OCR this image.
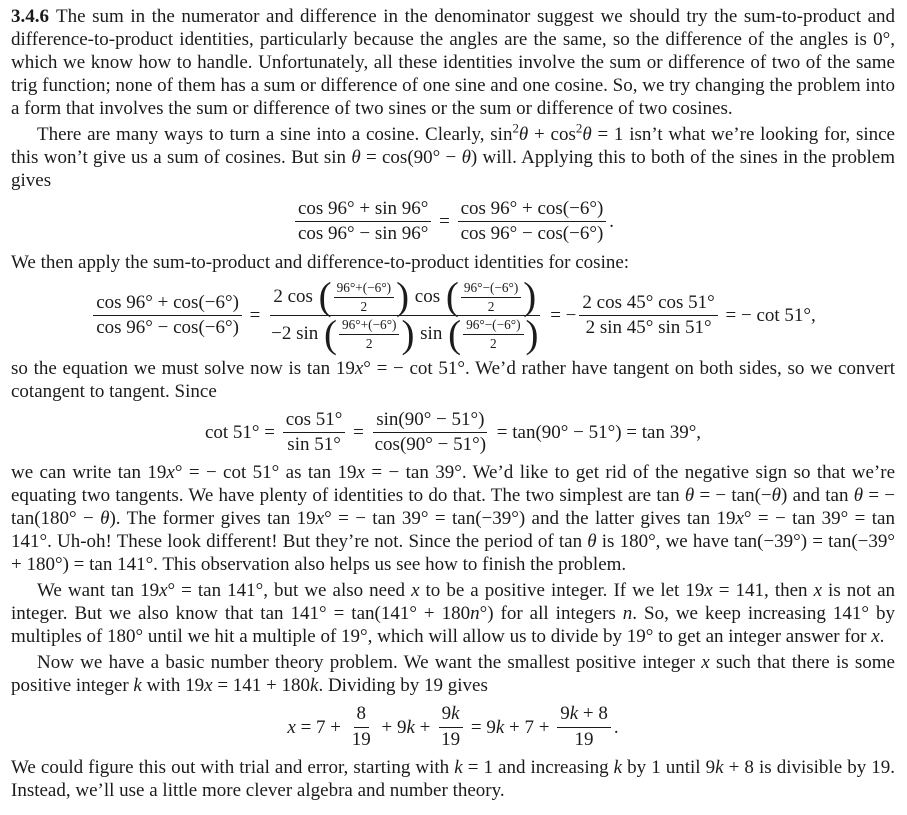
3.4.6 The sum in the numerator and difference in the denominator suggest we should try the sum-to-product and difference-to-product identities, particularly because the angles are the same, so the difference of the angles is 0°, which we know how to handle. Unfortunately, all these identities involve the sum or difference of two of the same trig function; none of them has a sum or difference of one sine and one cosine. So, we try changing the problem into a form that involves the sum or difference of two sines or the sum or difference of two cosines.

There are many ways to turn a sine into a cosine. Clearly, $\sin^2\theta + \cos^2\theta = 1$ isn’t what we’re looking for, since this won’t give us a sum of cosines. But sin θ = cos(90° − θ) will. Applying this to both of the sines in the problem gives

$\frac{\cos 96^\circ + \sin 96^\circ}{\cos 96^\circ - \sin 96^\circ} = \frac{\cos 96^\circ + \cos(-6^\circ)}{\cos 96^\circ - \cos(-6^\circ)}$ .

We then apply the sum-to-product and difference-to-product identities for cosine:

$\frac{\cos 96^\circ + \cos(-6^\circ)}{\cos 96^\circ - \cos(-6^\circ)} = \frac{2 \cos ( \frac{96^\circ+(-6^\circ)}{2} ) \cos ( \frac{96^\circ-(-6^\circ)}{2} )}{-2 \sin ( \frac{96^\circ+(-6^\circ)}{2} ) \sin ( \frac{96^\circ-(-6^\circ)}{2} )}$ = − $\frac{2 \cos 45^\circ \cos 51^\circ}{2 \sin 45^\circ \sin 51^\circ}$ = − cot 51°,

so the equation we must solve now is tan 19x° = − cot 51°. We’d rather have tangent on both sides, so we convert cotangent to tangent. Since

$\cot 51^\circ = \frac{\cos 51^\circ}{\sin 51^\circ} = \frac{\sin(90^\circ - 51^\circ)}{\cos(90^\circ - 51^\circ)} = \tan(90^\circ - 51^\circ) = \tan 39^\circ$,

we can write tan 19x° = − cot 51° as tan 19x = − tan 39°. We’d like to get rid of the negative sign so that we’re equating two tangents. We have plenty of identities to do that. The two simplest are tan θ = − tan(−θ) and tan θ = − tan(180° − θ). The former gives tan 19x° = − tan 39° = tan(−39°) and the latter gives tan 19x° = − tan 39° = tan 141°. Uh-oh! These look different! But they’re not. Since the period of tan θ is 180°, we have tan(−39°) = tan(−39° + 180°) = tan 141°. This observation also helps us see how to finish the problem.

We want tan 19x° = tan 141°, but we also need x to be a positive integer. If we let 19x = 141, then x is not an integer. But we also know that tan 141° = tan(141° + 180n°) for all integers n. So, we keep increasing 141° by multiples of 180° until we hit a multiple of 19°, which will allow us to divide by 19° to get an integer answer for x.

Now we have a basic number theory problem. We want the smallest positive integer x such that there is some positive integer k with 19x = 141 + 180k. Dividing by 19 gives

$x = 7 + \frac{8}{19} + 9$ $k + \frac{9 k}{19} = 9$ $k + 7 + \frac{9 k + 8}{19}$ .

We could figure this out with trial and error, starting with k = 1 and increasing k by 1 until 9k + 8 is divisible by 19. Instead, we’ll use a little more clever algebra and number theory.
